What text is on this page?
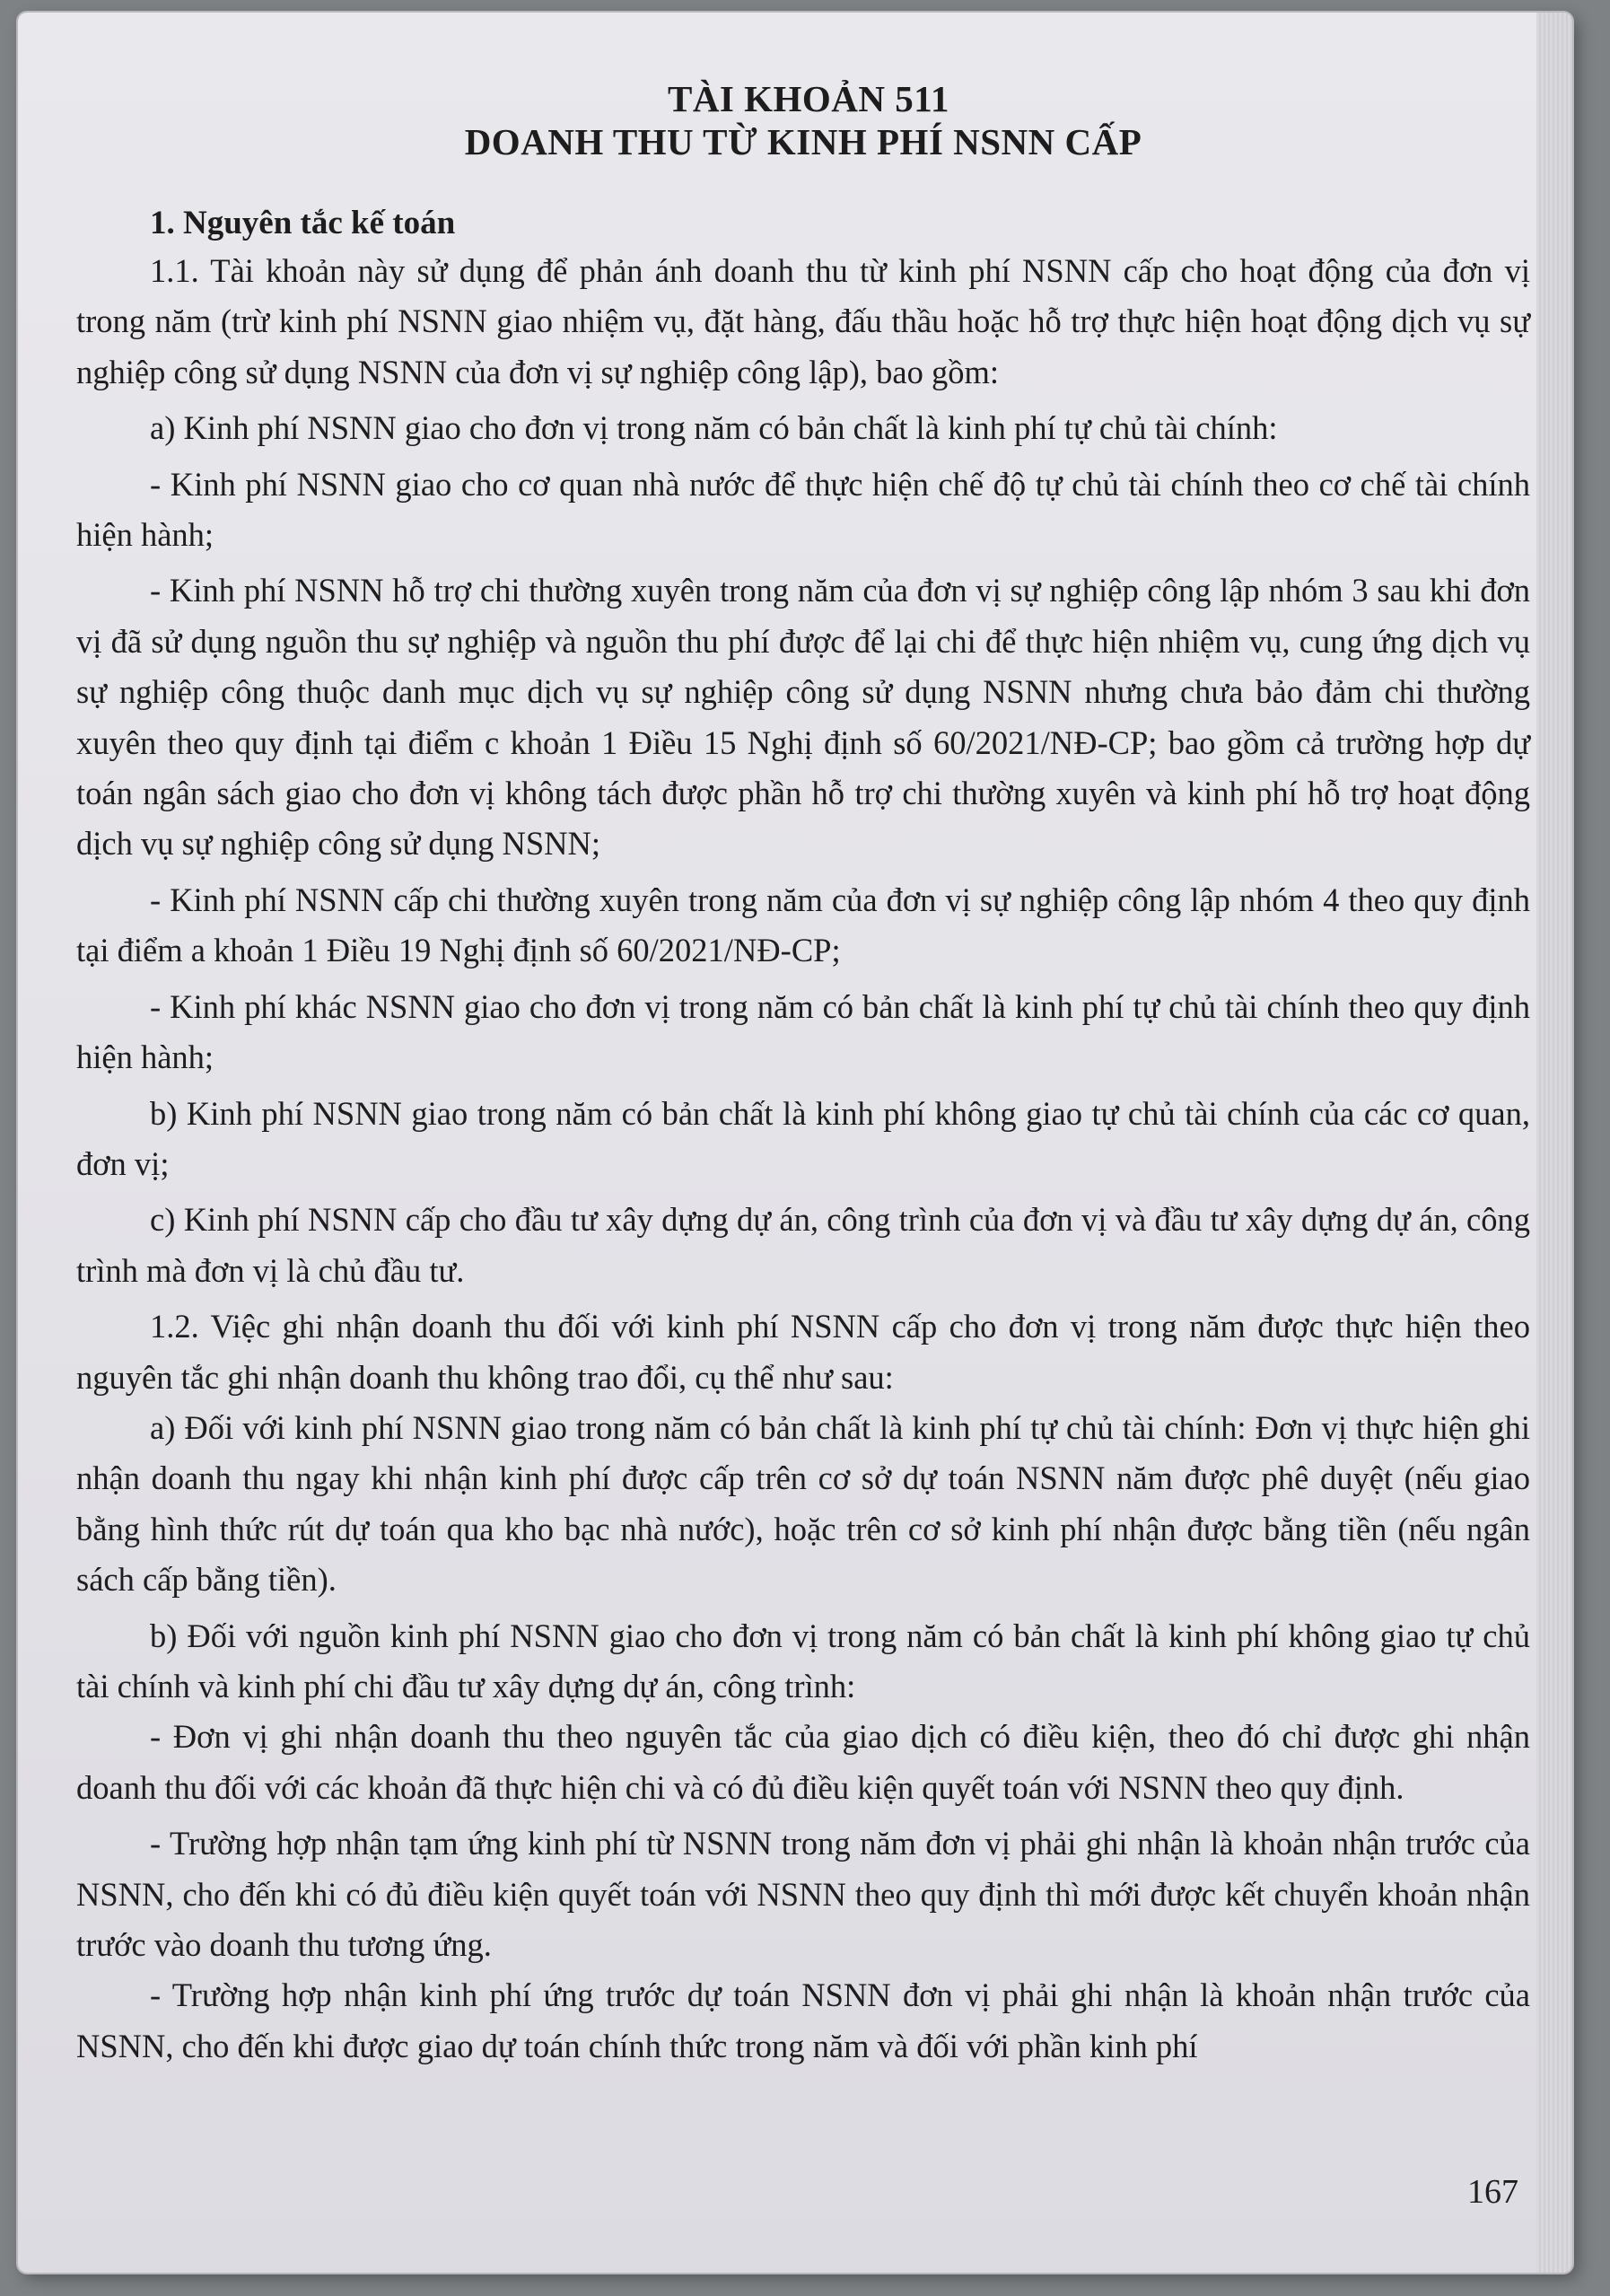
TÀI KHOẢN 511
DOANH THU TỪ KINH PHÍ NSNN CẤP
1. Nguyên tắc kế toán

1.1. Tài khoản này sử dụng để phản ánh doanh thu từ kinh phí NSNN cấp cho hoạt động của đơn vị trong năm (trừ kinh phí NSNN giao nhiệm vụ, đặt hàng, đấu thầu hoặc hỗ trợ thực hiện hoạt động dịch vụ sự nghiệp công sử dụng NSNN của đơn vị sự nghiệp công lập), bao gồm:

a) Kinh phí NSNN giao cho đơn vị trong năm có bản chất là kinh phí tự chủ tài chính:

- Kinh phí NSNN giao cho cơ quan nhà nước để thực hiện chế độ tự chủ tài chính theo cơ chế tài chính hiện hành;

- Kinh phí NSNN hỗ trợ chi thường xuyên trong năm của đơn vị sự nghiệp công lập nhóm 3 sau khi đơn vị đã sử dụng nguồn thu sự nghiệp và nguồn thu phí được để lại chi để thực hiện nhiệm vụ, cung ứng dịch vụ sự nghiệp công thuộc danh mục dịch vụ sự nghiệp công sử dụng NSNN nhưng chưa bảo đảm chi thường xuyên theo quy định tại điểm c khoản 1 Điều 15 Nghị định số 60/2021/NĐ-CP; bao gồm cả trường hợp dự toán ngân sách giao cho đơn vị không tách được phần hỗ trợ chi thường xuyên và kinh phí hỗ trợ hoạt động dịch vụ sự nghiệp công sử dụng NSNN;

- Kinh phí NSNN cấp chi thường xuyên trong năm của đơn vị sự nghiệp công lập nhóm 4 theo quy định tại điểm a khoản 1 Điều 19 Nghị định số 60/2021/NĐ-CP;

- Kinh phí khác NSNN giao cho đơn vị trong năm có bản chất là kinh phí tự chủ tài chính theo quy định hiện hành;

b) Kinh phí NSNN giao trong năm có bản chất là kinh phí không giao tự chủ tài chính của các cơ quan, đơn vị;

c) Kinh phí NSNN cấp cho đầu tư xây dựng dự án, công trình của đơn vị và đầu tư xây dựng dự án, công trình mà đơn vị là chủ đầu tư.

1.2. Việc ghi nhận doanh thu đối với kinh phí NSNN cấp cho đơn vị trong năm được thực hiện theo nguyên tắc ghi nhận doanh thu không trao đổi, cụ thể như sau:

a) Đối với kinh phí NSNN giao trong năm có bản chất là kinh phí tự chủ tài chính: Đơn vị thực hiện ghi nhận doanh thu ngay khi nhận kinh phí được cấp trên cơ sở dự toán NSNN năm được phê duyệt (nếu giao bằng hình thức rút dự toán qua kho bạc nhà nước), hoặc trên cơ sở kinh phí nhận được bằng tiền (nếu ngân sách cấp bằng tiền).

b) Đối với nguồn kinh phí NSNN giao cho đơn vị trong năm có bản chất là kinh phí không giao tự chủ tài chính và kinh phí chi đầu tư xây dựng dự án, công trình:

- Đơn vị ghi nhận doanh thu theo nguyên tắc của giao dịch có điều kiện, theo đó chỉ được ghi nhận doanh thu đối với các khoản đã thực hiện chi và có đủ điều kiện quyết toán với NSNN theo quy định.

- Trường hợp nhận tạm ứng kinh phí từ NSNN trong năm đơn vị phải ghi nhận là khoản nhận trước của NSNN, cho đến khi có đủ điều kiện quyết toán với NSNN theo quy định thì mới được kết chuyển khoản nhận trước vào doanh thu tương ứng.

- Trường hợp nhận kinh phí ứng trước dự toán NSNN đơn vị phải ghi nhận là khoản nhận trước của NSNN, cho đến khi được giao dự toán chính thức trong năm và đối với phần kinh phí

167
